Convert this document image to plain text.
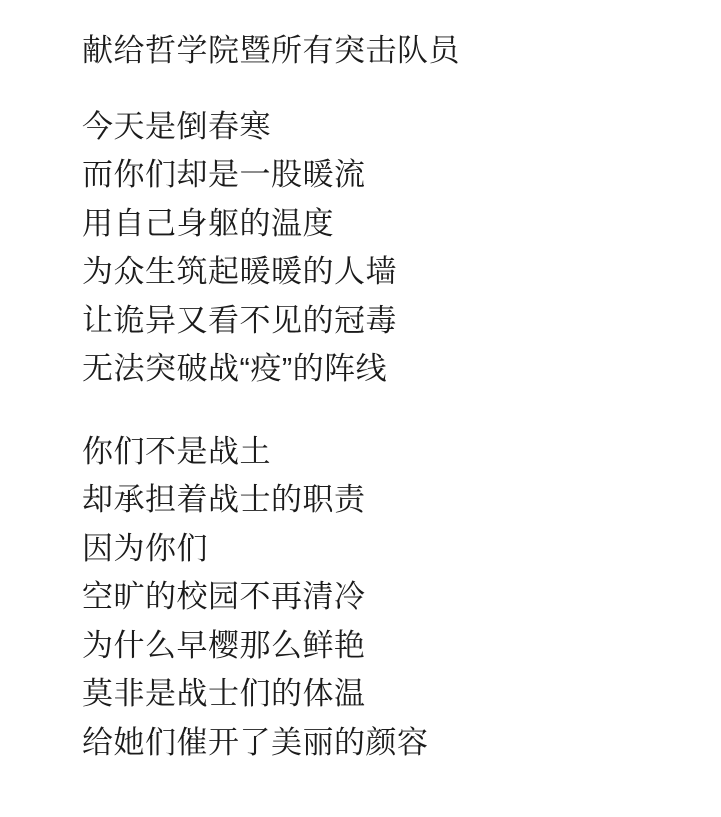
献给哲学院暨所有突击队员
今天是倒春寒
而你们却是一股暖流
用自己身躯的温度
为众生筑起暖暖的人墙
让诡异又看不见的冠毒
无法突破战“疫”的阵线
你们不是战土
却承担着战士的职责
因为你们
空旷的校园不再清冷
为什么早樱那么鲜艳
莫非是战士们的体温
给她们催开了美丽的颜容
